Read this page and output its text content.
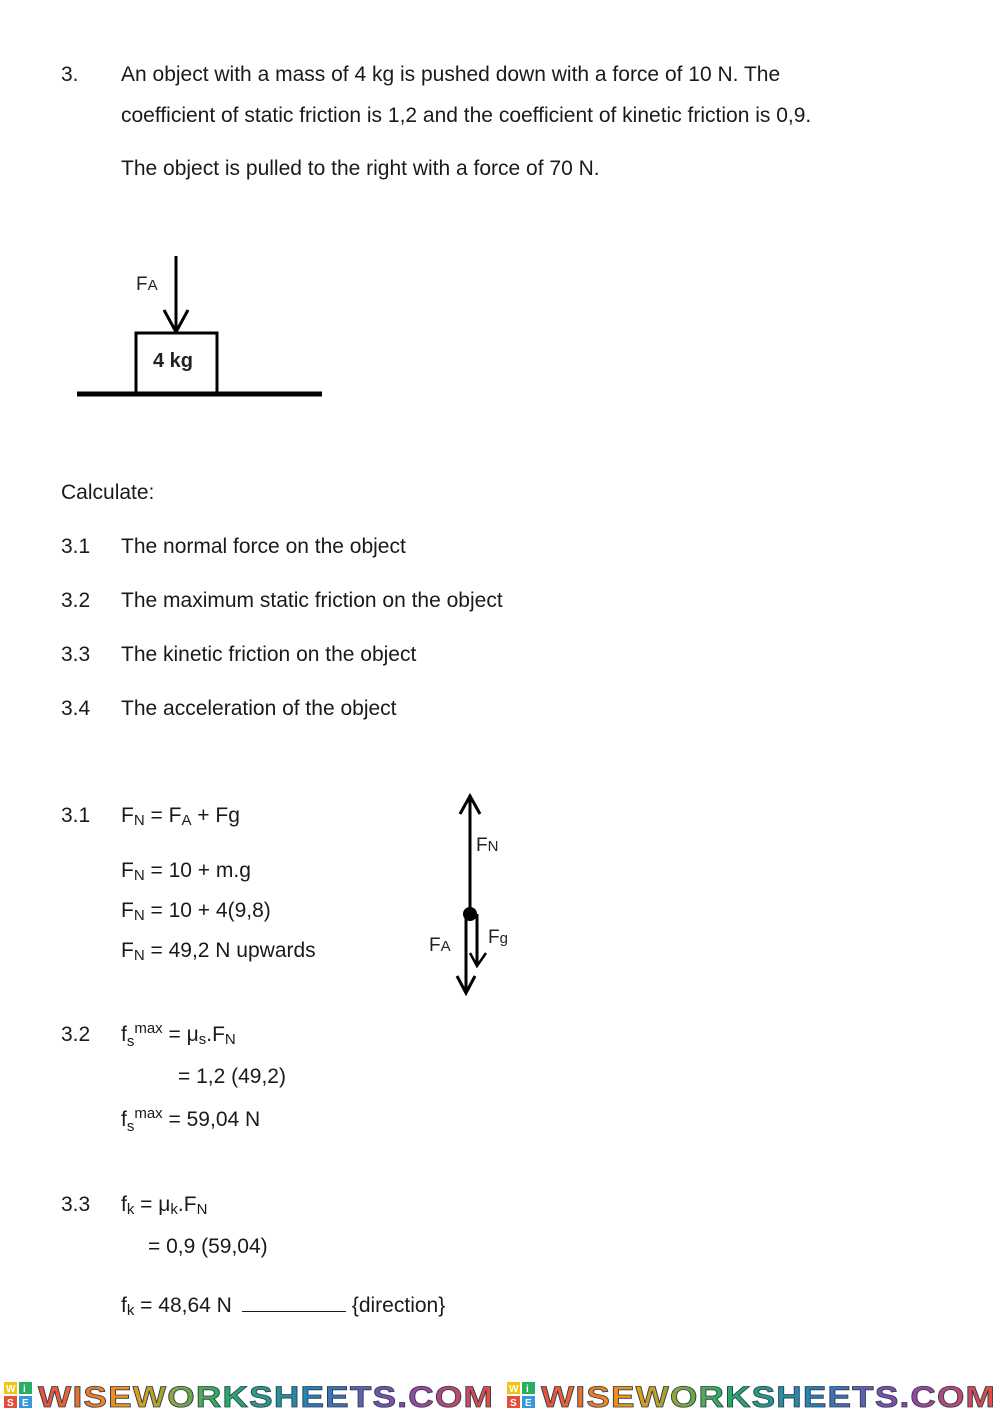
3. An object with a mass of 4 kg is pushed down with a force of 10 N. The
coefficient of static friction is 1,2 and the coefficient of kinetic friction is 0,9.
The object is pulled to the right with a force of 70 N.
FA
4 kg
Calculate:
3.1 The normal force on the object
3.2 The maximum static friction on the object
3.3 The kinetic friction on the object
3.4 The acceleration of the object
3.1 FN = FA + Fg
FN = 10 + m.g
FN = 10 + 4(9,8)
FN = 49,2 N upwards
FN
FA Fg
3.2 $f_s^{max} = \mu s.FN$
= 1,2 (49,2)
$f_s^{max} = 59,04$ N
3.3 fk = μk.FN
= 0,9 (59,04)
fk = 48,64 N	{direction}
W i
S E WISEWORKSHEETS.COM W i
S E WISEWORKSHEETS.COM
